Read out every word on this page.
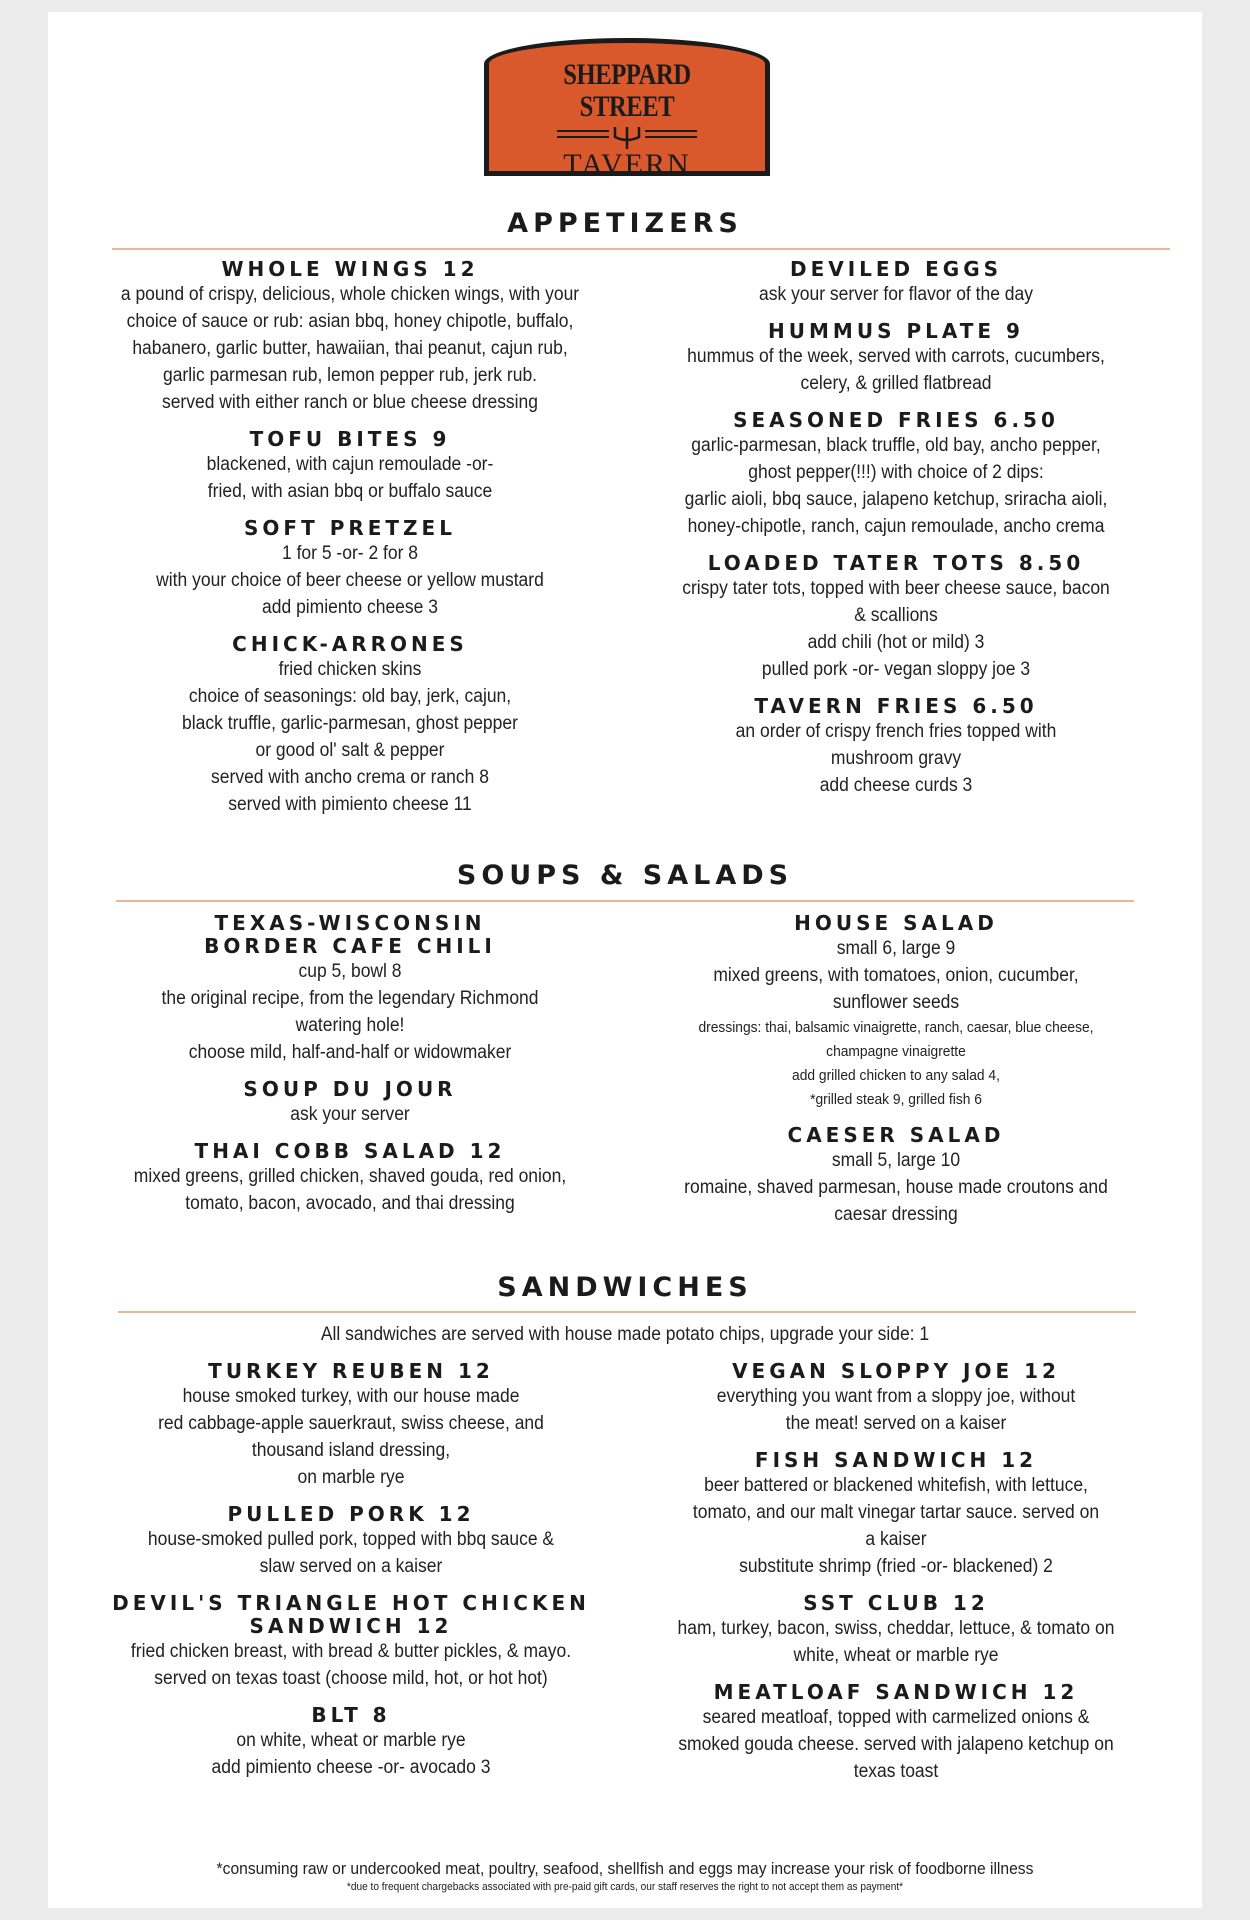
SHEPPARD STREET
TAVERN
APPETIZERS
WHOLE WINGS 12
a pound of crispy, delicious, whole chicken wings, with your
choice of sauce or rub: asian bbq, honey chipotle, buffalo,
habanero, garlic butter, hawaiian, thai peanut, cajun rub,
garlic parmesan rub, lemon pepper rub, jerk rub.
served with either ranch or blue cheese dressing
TOFU BITES 9
blackened, with cajun remoulade -or-
fried, with asian bbq or buffalo sauce
SOFT PRETZEL
1 for 5 -or- 2 for 8
with your choice of beer cheese or yellow mustard
add pimiento cheese 3
CHICK-ARRONES
fried chicken skins
choice of seasonings: old bay, jerk, cajun,
black truffle, garlic-parmesan, ghost pepper
or good ol' salt & pepper
served with ancho crema or ranch 8
served with pimiento cheese 11
DEVILED EGGS
ask your server for flavor of the day
HUMMUS PLATE 9
hummus of the week, served with carrots, cucumbers,
celery, & grilled flatbread
SEASONED FRIES 6.50
garlic-parmesan, black truffle, old bay, ancho pepper,
ghost pepper(!!!) with choice of 2 dips:
garlic aioli, bbq sauce, jalapeno ketchup, sriracha aioli,
honey-chipotle, ranch, cajun remoulade, ancho crema
LOADED TATER TOTS 8.50
crispy tater tots, topped with beer cheese sauce, bacon
& scallions
add chili (hot or mild) 3
pulled pork -or- vegan sloppy joe 3
TAVERN FRIES 6.50
an order of crispy french fries topped with
mushroom gravy
add cheese curds 3
SOUPS & SALADS
TEXAS-WISCONSIN
BORDER CAFE CHILI
cup 5, bowl 8
the original recipe, from the legendary Richmond
watering hole!
choose mild, half-and-half or widowmaker
SOUP DU JOUR
ask your server
THAI COBB SALAD 12
mixed greens, grilled chicken, shaved gouda, red onion,
tomato, bacon, avocado, and thai dressing
HOUSE SALAD
small 6, large 9
mixed greens, with tomatoes, onion, cucumber,
sunflower seeds
dressings: thai, balsamic vinaigrette, ranch, caesar, blue cheese,
champagne vinaigrette
add grilled chicken to any salad 4,
*grilled steak 9, grilled fish 6
CAESER SALAD
small 5, large 10
romaine, shaved parmesan, house made croutons and
caesar dressing
SANDWICHES
All sandwiches are served with house made potato chips, upgrade your side: 1
TURKEY REUBEN 12
house smoked turkey, with our house made
red cabbage-apple sauerkraut, swiss cheese, and
thousand island dressing,
on marble rye
PULLED PORK 12
house-smoked pulled pork, topped with bbq sauce &
slaw served on a kaiser
DEVIL'S TRIANGLE HOT CHICKEN
SANDWICH 12
fried chicken breast, with bread & butter pickles, & mayo.
served on texas toast (choose mild, hot, or hot hot)
BLT 8
on white, wheat or marble rye
add pimiento cheese -or- avocado 3
VEGAN SLOPPY JOE 12
everything you want from a sloppy joe, without
the meat! served on a kaiser
FISH SANDWICH 12
beer battered or blackened whitefish, with lettuce,
tomato, and our malt vinegar tartar sauce. served on
a kaiser
substitute shrimp (fried -or- blackened) 2
SST CLUB 12
ham, turkey, bacon, swiss, cheddar, lettuce, & tomato on
white, wheat or marble rye
MEATLOAF SANDWICH 12
seared meatloaf, topped with carmelized onions &
smoked gouda cheese. served with jalapeno ketchup on
texas toast
*consuming raw or undercooked meat, poultry, seafood, shellfish and eggs may increase your risk of foodborne illness
*due to frequent chargebacks associated with pre-paid gift cards, our staff reserves the right to not accept them as payment*
